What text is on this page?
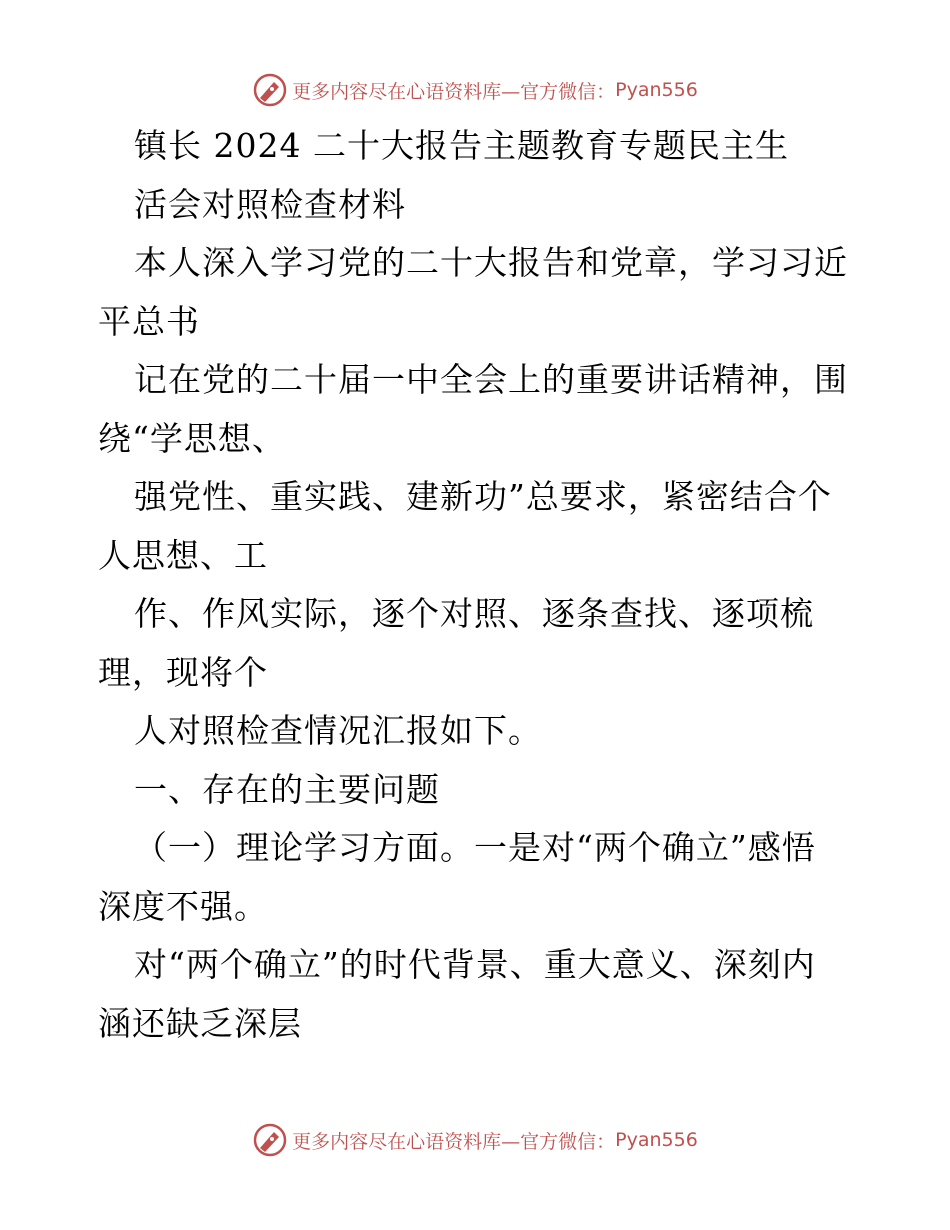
更多内容尽在心语资料库—官方微信： Pyan556
镇长 2024 二十大报告主题教育专题民主生
活会对照检查材料
本人深入学习党的二十大报告和党章，学习习近
平总书
记在党的二十届一中全会上的重要讲话精神，围
绕“学思想、
强党性、重实践、建新功”总要求，紧密结合个
人思想、工
作、作风实际，逐个对照、逐条查找、逐项梳
理，现将个
人对照检查情况汇报如下。
一、存在的主要问题
（一）理论学习方面。一是对“两个确立”感悟
深度不强。
对“两个确立”的时代背景、重大意义、深刻内
涵还缺乏深层
更多内容尽在心语资料库—官方微信： Pyan556
